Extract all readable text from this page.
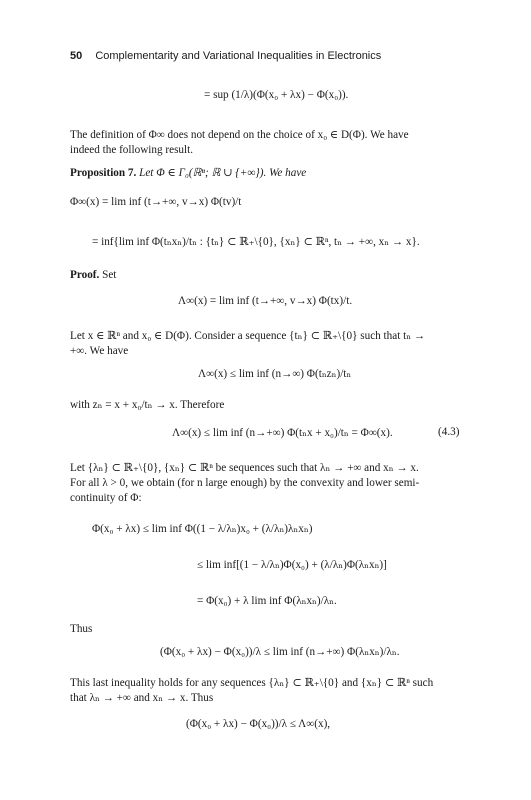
50 Complementarity and Variational Inequalities in Electronics
= sup (1/λ)(Φ(x₀ + λx) − Φ(x₀)).
The definition of Φ∞ does not depend on the choice of x₀ ∈ D(Φ). We have
indeed the following result.
Proposition 7. Let Φ ∈ Γ₀(ℝⁿ; ℝ ∪ {+∞}). We have
Φ∞(x) = lim inf (t→+∞, v→x) Φ(tv)/t
= inf{lim inf Φ(tₙxₙ)/tₙ : {tₙ} ⊂ ℝ₊\{0}, {xₙ} ⊂ ℝⁿ, tₙ → +∞, xₙ → x}.
Proof. Set
Λ∞(x) = lim inf (t→+∞, v→x) Φ(tx)/t.
Let x ∈ ℝⁿ and x₀ ∈ D(Φ). Consider a sequence {tₙ} ⊂ ℝ₊\{0} such that tₙ →
+∞. We have
Λ∞(x) ≤ lim inf (n→∞) Φ(tₙzₙ)/tₙ
with zₙ = x + x₀/tₙ → x. Therefore
Λ∞(x) ≤ lim inf (n→+∞) Φ(tₙx + x₀)/tₙ = Φ∞(x).	(4.3)
Let {λₙ} ⊂ ℝ₊\{0}, {xₙ} ⊂ ℝⁿ be sequences such that λₙ → +∞ and xₙ → x.
For all λ > 0, we obtain (for n large enough) by the convexity and lower semi-
continuity of Φ:
Φ(x₀ + λx) ≤ lim inf Φ((1 − λ/λₙ)x₀ + (λ/λₙ)λₙxₙ)
≤ lim inf[(1 − λ/λₙ)Φ(x₀) + (λ/λₙ)Φ(λₙxₙ)]
= Φ(x₀) + λ lim inf Φ(λₙxₙ)/λₙ.
Thus
(Φ(x₀ + λx) − Φ(x₀))/λ ≤ lim inf (n→+∞) Φ(λₙxₙ)/λₙ.
This last inequality holds for any sequences {λₙ} ⊂ ℝ₊\{0} and {xₙ} ⊂ ℝⁿ such
that λₙ → +∞ and xₙ → x. Thus
(Φ(x₀ + λx) − Φ(x₀))/λ ≤ Λ∞(x),
